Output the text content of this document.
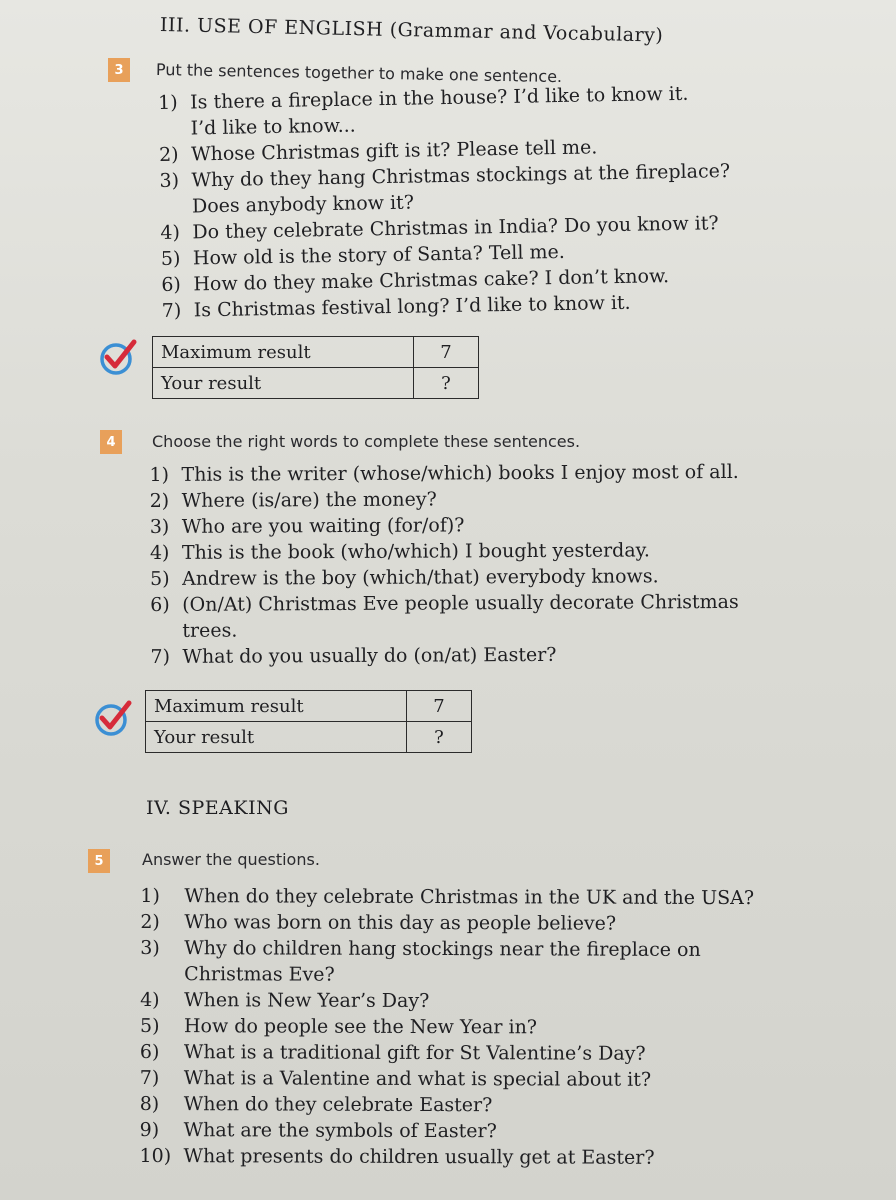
III. USE OF ENGLISH (Grammar and Vocabulary)
3	Put the sentences together to make one sentence.
1) Is there a fireplace in the house? I’d like to know it.
I’d like to know...
2) Whose Christmas gift is it? Please tell me.
3) Why do they hang Christmas stockings at the fireplace?
Does anybody know it?
4) Do they celebrate Christmas in India? Do you know it?
5) How old is the story of Santa? Tell me.
6) How do they make Christmas cake? I don’t know.
7) Is Christmas festival long? I’d like to know it.
Maximum result	7
Your result	?
4	Choose the right words to complete these sentences.
1) This is the writer (whose/which) books I enjoy most of all.
2) Where (is/are) the money?
3) Who are you waiting (for/of)?
4) This is the book (who/which) I bought yesterday.
5) Andrew is the boy (which/that) everybody knows.
6) (On/At) Christmas Eve people usually decorate Christmas
trees.
7) What do you usually do (on/at) Easter?
Maximum result	7
Your result	?
IV. SPEAKING
5	Answer the questions.
1) When do they celebrate Christmas in the UK and the USA?
2) Who was born on this day as people believe?
3) Why do children hang stockings near the fireplace on
Christmas Eve?
4) When is New Year’s Day?
5) How do people see the New Year in?
6) What is a traditional gift for St Valentine’s Day?
7) What is a Valentine and what is special about it?
8) When do they celebrate Easter?
9) What are the symbols of Easter?
10) What presents do children usually get at Easter?
